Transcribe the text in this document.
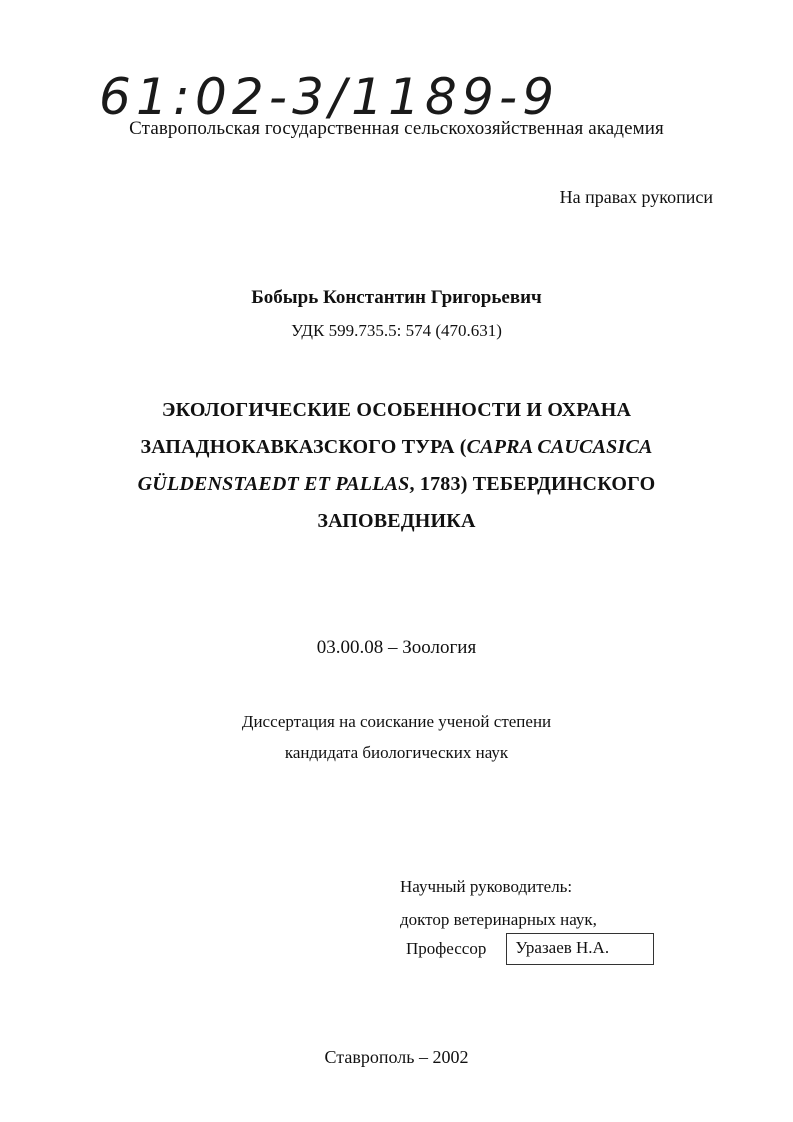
61:02-3/1189-9
Ставропольская государственная сельскохозяйственная академия
На правах рукописи
Бобырь Константин Григорьевич
УДК 599.735.5: 574 (470.631)
ЭКОЛОГИЧЕСКИЕ ОСОБЕННОСТИ И ОХРАНА
ЗАПАДНОКАВКАЗСКОГО ТУРА (CAPRA CAUCASICA
GÜLDENSTAEDT ET PALLAS, 1783) ТЕБЕРДИНСКОГО
ЗАПОВЕДНИКА
03.00.08 – Зоология
Диссертация на соискание ученой степени
кандидата биологических наук
Научный руководитель:
доктор ветеринарных наук,
Профессор	Уразаев Н.А.
Ставрополь – 2002
